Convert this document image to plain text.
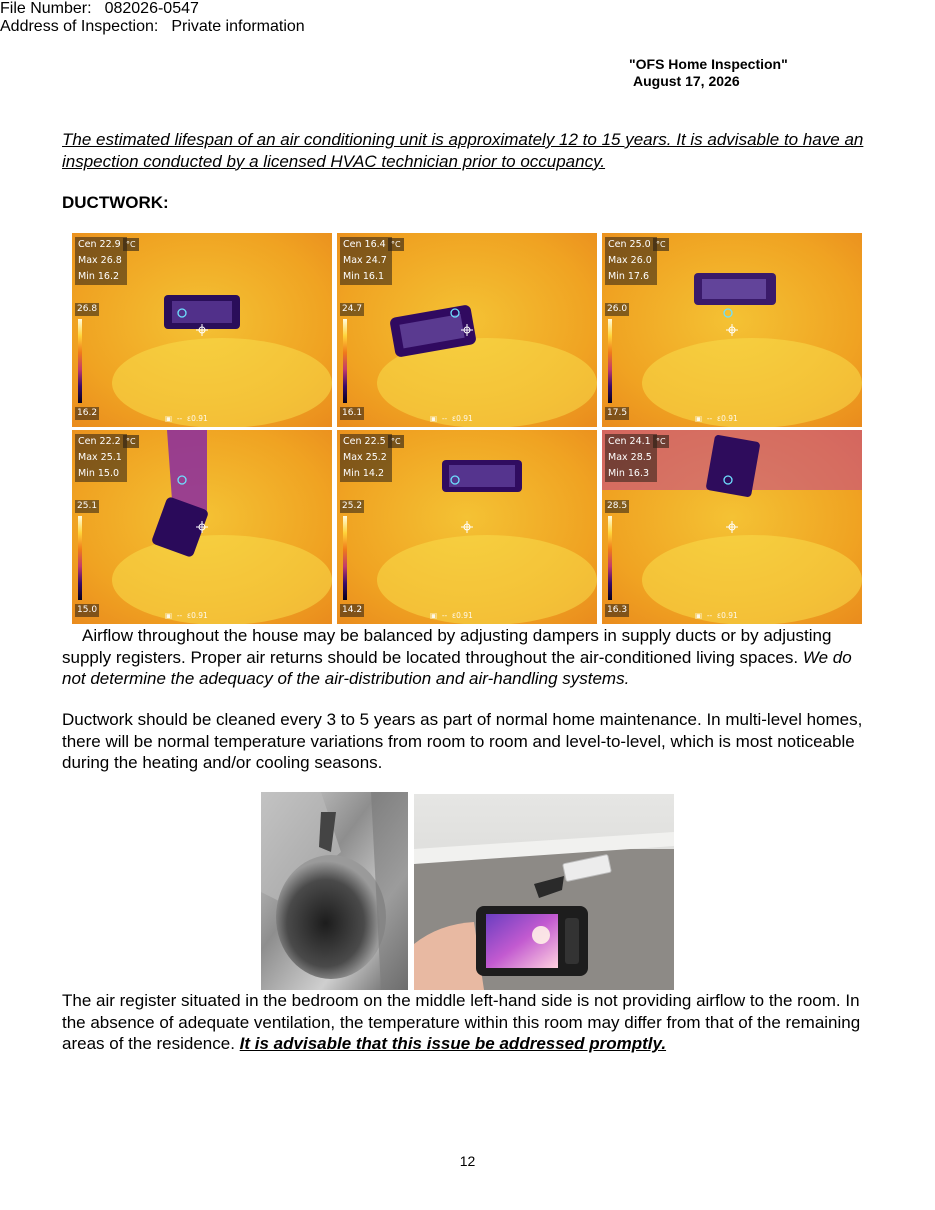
File Number: 082026-0547
Address of Inspection: Private information
"OFS Home Inspection"
August 17, 2026
The estimated lifespan of an air conditioning unit is approximately 12 to 15 years. It is advisable to have an inspection conducted by a licensed HVAC technician prior to occupancy.
DUCTWORK:
Cen 22.9
Max 26.8
Min 16.2
°C
26.8
16.2
▣  --  ε0.91
Cen 16.4
Max 24.7
Min 16.1
°C
24.7
16.1
▣  --  ε0.91
Cen 25.0
Max 26.0
Min 17.6
°C
26.0
17.5
▣  --  ε0.91
Cen 22.2
Max 25.1
Min 15.0
°C
25.1
15.0
▣  --  ε0.91
Cen 22.5
Max 25.2
Min 14.2
°C
25.2
14.2
▣  --  ε0.91
Cen 24.1
Max 28.5
Min 16.3
°C
28.5
16.3
▣  --  ε0.91
Airflow throughout the house may be balanced by adjusting dampers in supply ducts or by adjusting supply registers. Proper air returns should be located throughout the air-conditioned living spaces. We do not determine the adequacy of the air-distribution and air-handling systems.
Ductwork should be cleaned every 3 to 5 years as part of normal home maintenance. In multi-level homes, there will be normal temperature variations from room to room and level-to-level, which is most noticeable during the heating and/or cooling seasons.
The air register situated in the bedroom on the middle left-hand side is not providing airflow to the room. In the absence of adequate ventilation, the temperature within this room may differ from that of the remaining areas of the residence. It is advisable that this issue be addressed promptly.
12
